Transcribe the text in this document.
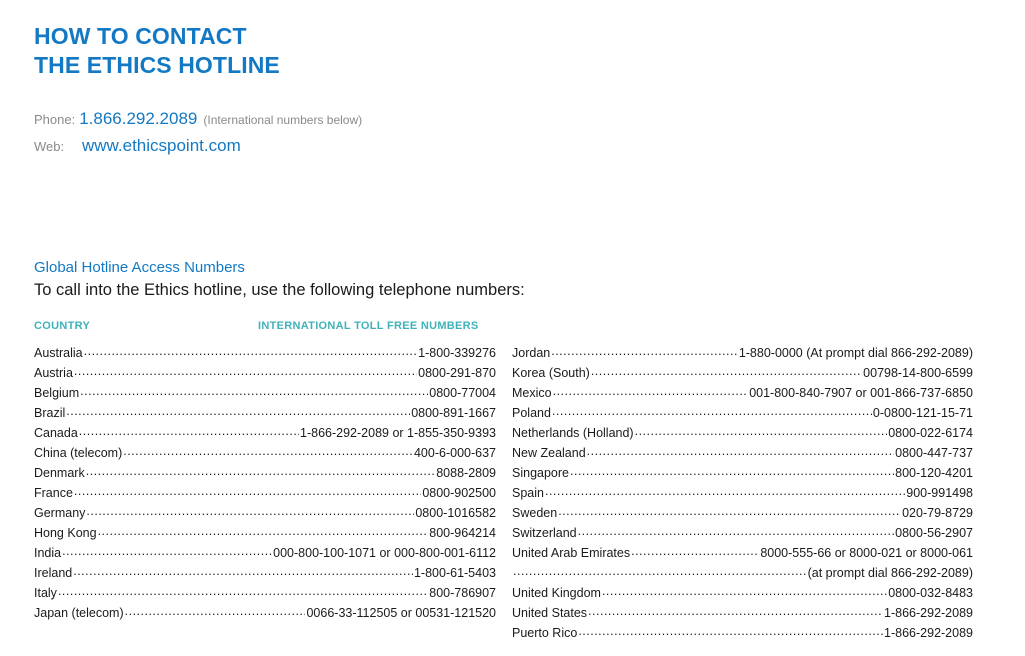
HOW TO CONTACT
THE ETHICS HOTLINE
Phone: 1.866.292.2089 (International numbers below)
Web:	www.ethicspoint.com
Global Hotline Access Numbers
To call into the Ethics hotline, use the following telephone numbers:
COUNTRY	INTERNATIONAL TOLL FREE NUMBERS
Australia .....	1-800-339276
Austria .....	0800-291-870
Belgium .....	0800-77004
Brazil .....	0800-891-1667
Canada .....	1-866-292-2089 or 1-855-350-9393
China (telecom) .....	400-6-000-637
Denmark .....	8088-2809
France .....	0800-902500
Germany .....	0800-1016582
Hong Kong .....	800-964214
India .....	000-800-100-1071 or 000-800-001-6112
Ireland .....	1-800-61-5403
Italy .....	800-786907
Japan (telecom) .....	0066-33-112505 or 00531-121520
Jordan .....	1-880-0000 (At prompt dial 866-292-2089)
Korea (South) .....	00798-14-800-6599
Mexico .....	001-800-840-7907 or 001-866-737-6850
Poland .....	0-0800-121-15-71
Netherlands (Holland) .....	0800-022-6174
New Zealand .....	0800-447-737
Singapore .....	800-120-4201
Spain .....	900-991498
Sweden .....	020-79-8729
Switzerland .....	0800-56-2907
United Arab Emirates .....	8000-555-66 or 8000-021 or 8000-061
.....
(at prompt dial 866-292-2089)
United Kingdom .....	0800-032-8483
United States .....	1-866-292-2089
Puerto Rico .....	1-866-292-2089
